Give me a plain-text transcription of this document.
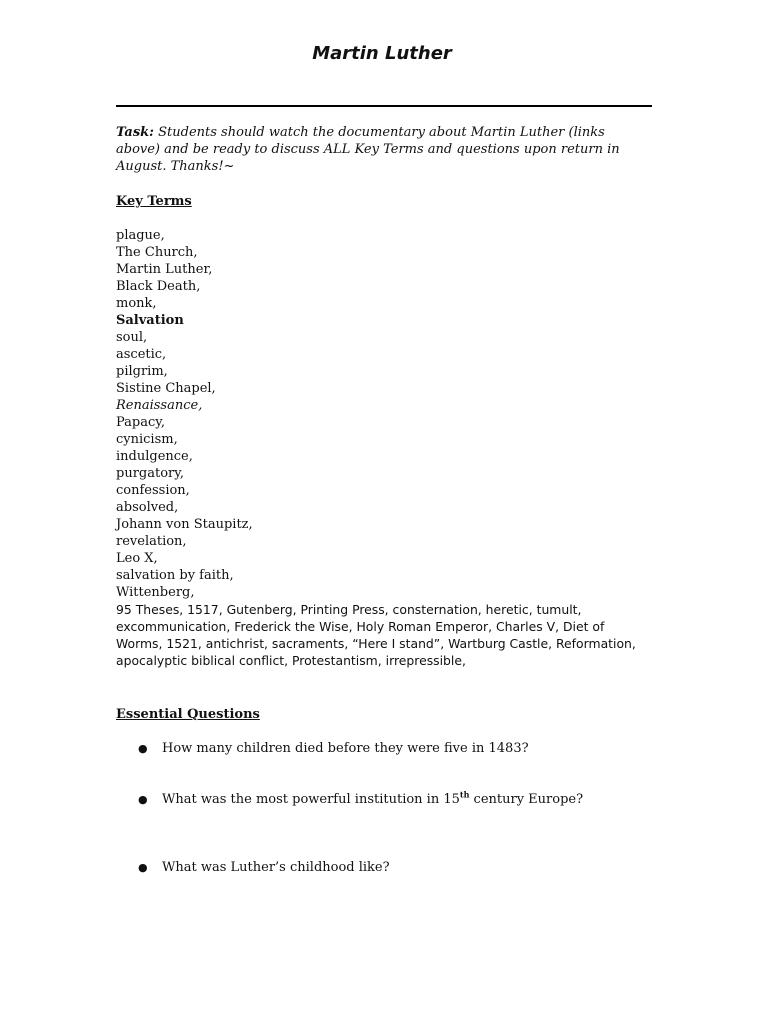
Martin Luther
Task: Students should watch the documentary about Martin Luther (links above) and be ready to discuss ALL Key Terms and questions upon return in August. Thanks!~
Key Terms
plague,
The Church,
Martin Luther,
Black Death,
monk,
Salvation
soul,
ascetic,
pilgrim,
Sistine Chapel,
Renaissance,
Papacy,
cynicism,
indulgence,
purgatory,
confession,
absolved,
Johann von Staupitz,
revelation,
Leo X,
salvation by faith,
Wittenberg,
95 Theses, 1517, Gutenberg, Printing Press, consternation, heretic, tumult, excommunication, Frederick the Wise, Holy Roman Emperor, Charles V, Diet of Worms, 1521, antichrist, sacraments, “Here I stand”, Wartburg Castle, Reformation, apocalyptic biblical conflict, Protestantism, irrepressible,
Essential Questions
● How many children died before they were five in 1483?
● What was the most powerful institution in 15th century Europe?
● What was Luther’s childhood like?
